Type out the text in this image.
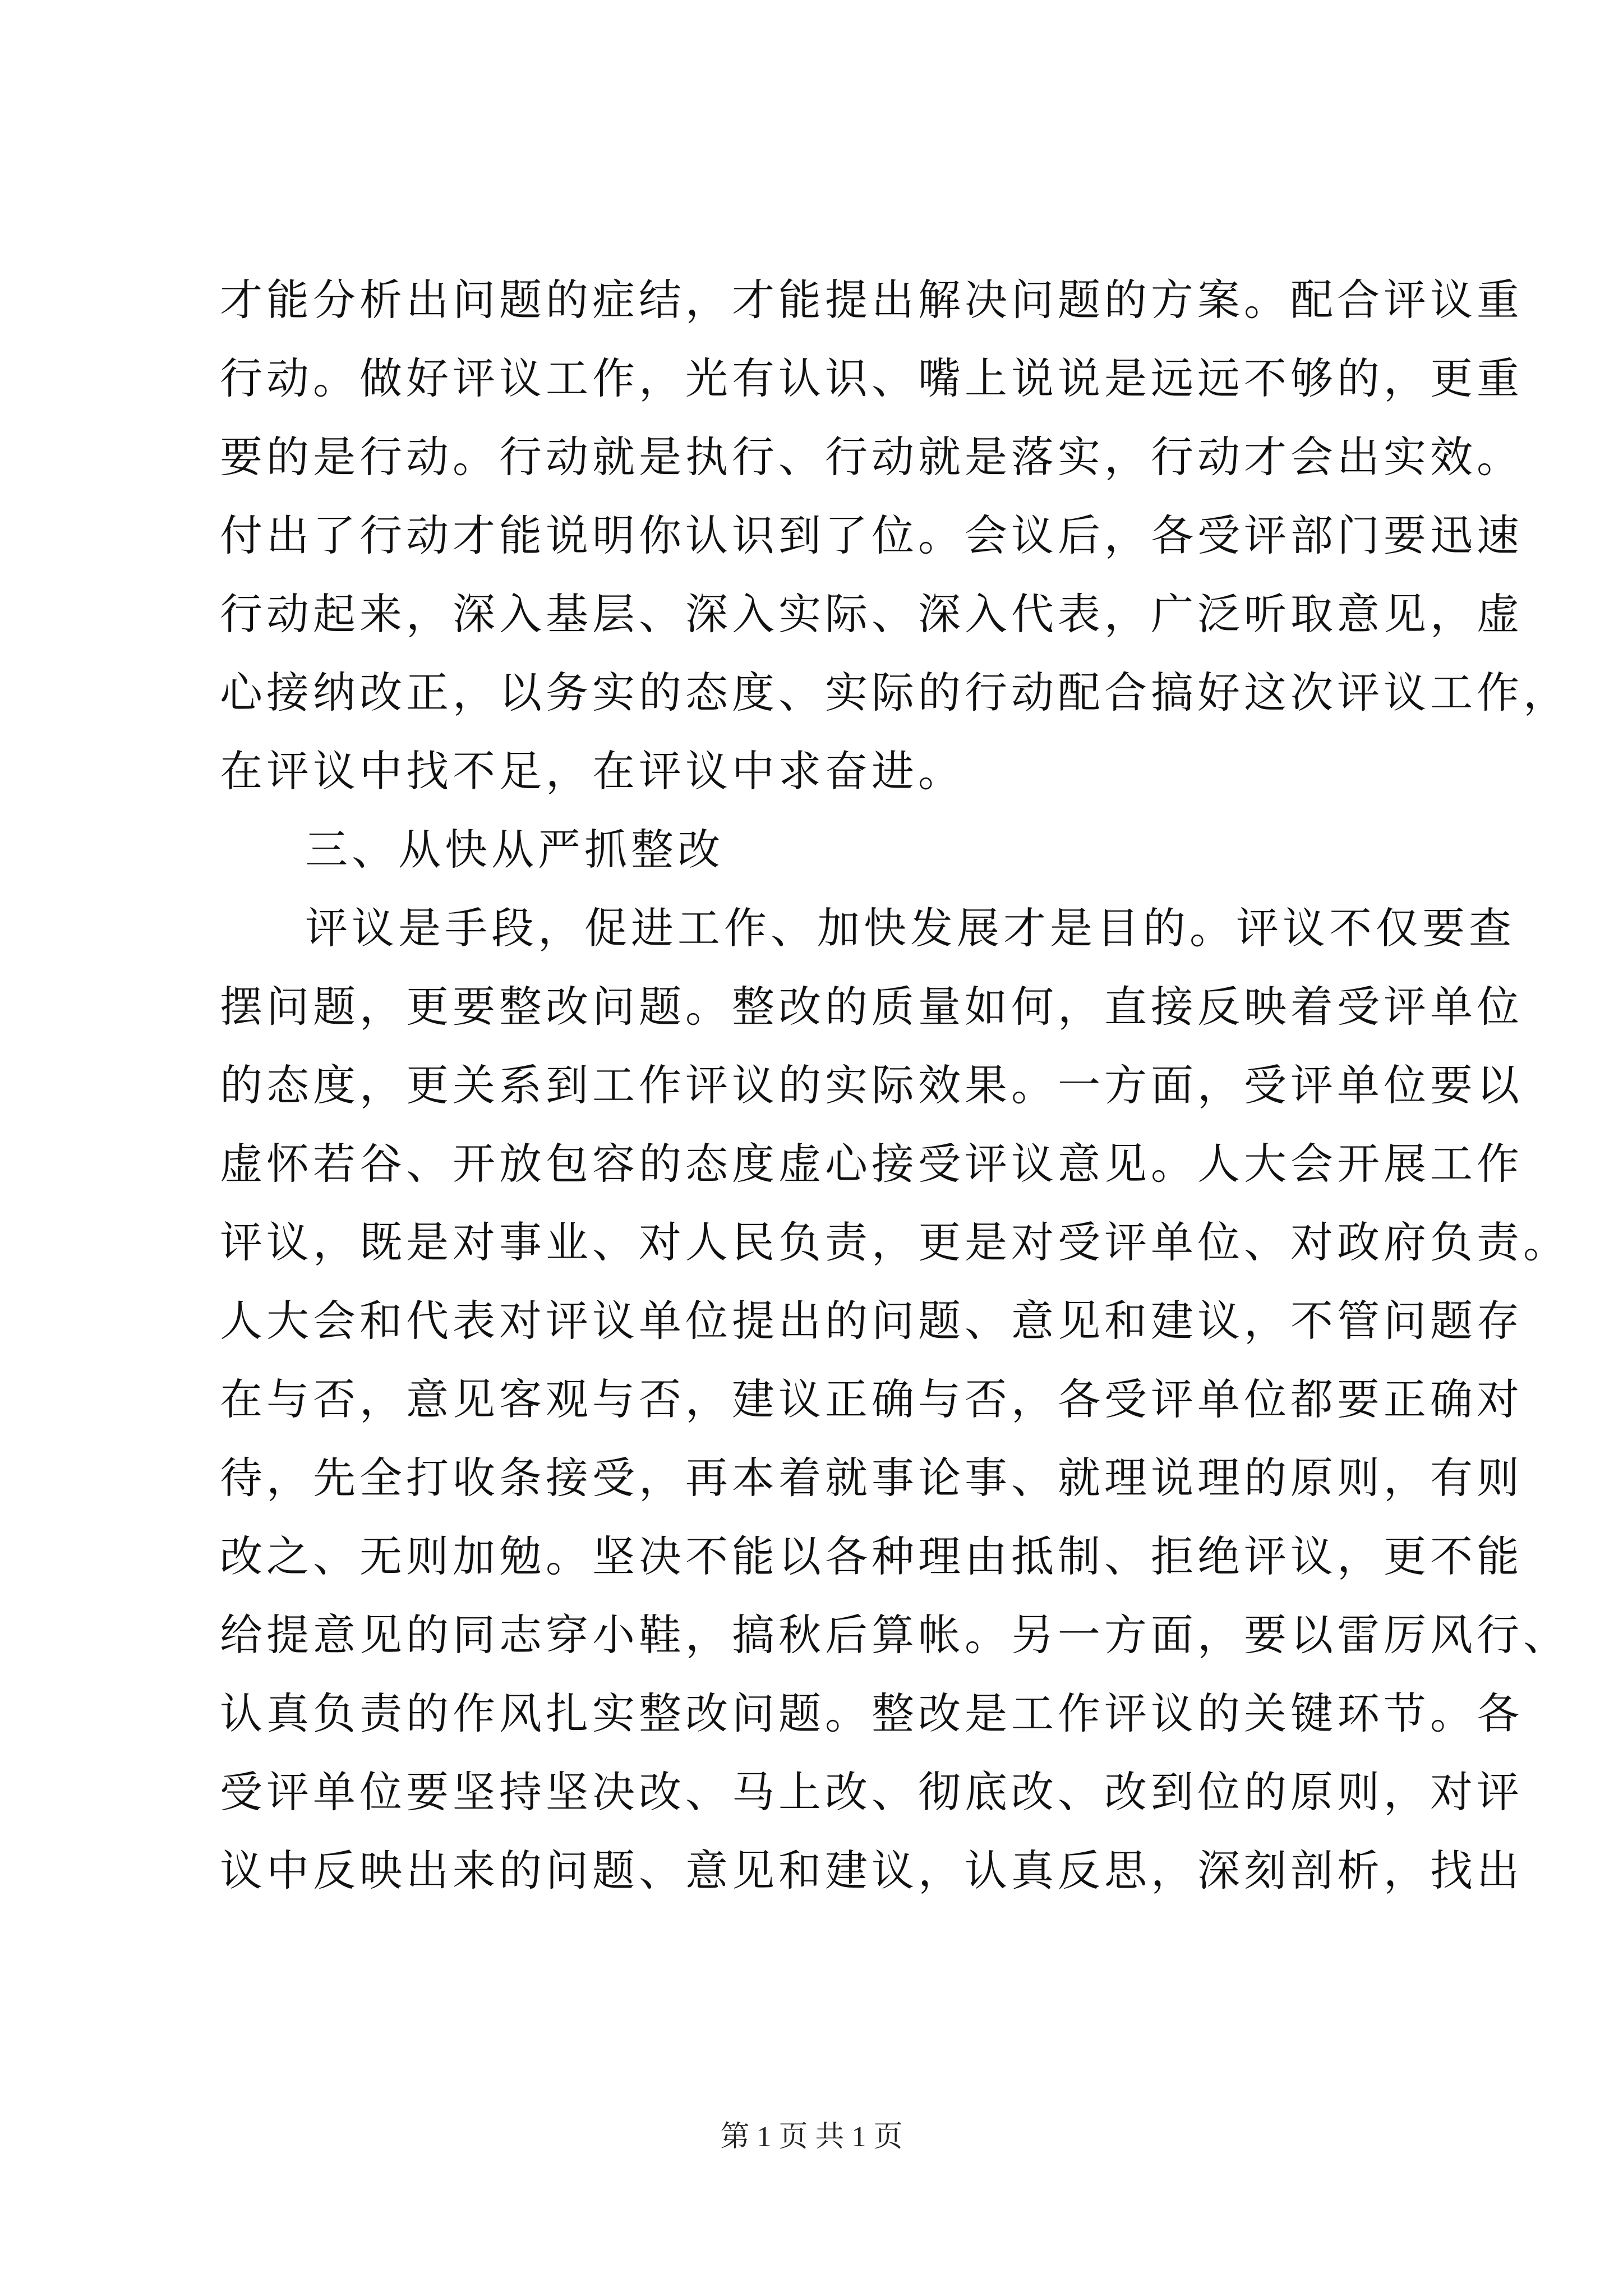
才能分析出问题的症结，才能提出解决问题的方案。配合评议重
行动。做好评议工作，光有认识、嘴上说说是远远不够的，更重
要的是行动。行动就是执行、行动就是落实，行动才会出实效。
付出了行动才能说明你认识到了位。会议后，各受评部门要迅速
行动起来，深入基层、深入实际、深入代表，广泛听取意见，虚
心接纳改正，以务实的态度、实际的行动配合搞好这次评议工作，
在评议中找不足，在评议中求奋进。
三、从快从严抓整改
评议是手段，促进工作、加快发展才是目的。评议不仅要查
摆问题，更要整改问题。整改的质量如何，直接反映着受评单位
的态度，更关系到工作评议的实际效果。一方面，受评单位要以
虚怀若谷、开放包容的态度虚心接受评议意见。人大会开展工作
评议，既是对事业、对人民负责，更是对受评单位、对政府负责。
人大会和代表对评议单位提出的问题、意见和建议，不管问题存
在与否，意见客观与否，建议正确与否，各受评单位都要正确对
待，先全打收条接受，再本着就事论事、就理说理的原则，有则
改之、无则加勉。坚决不能以各种理由抵制、拒绝评议，更不能
给提意见的同志穿小鞋，搞秋后算帐。另一方面，要以雷厉风行、
认真负责的作风扎实整改问题。整改是工作评议的关键环节。各
受评单位要坚持坚决改、马上改、彻底改、改到位的原则，对评
议中反映出来的问题、意见和建议，认真反思，深刻剖析，找出
第 1 页 共 1 页
